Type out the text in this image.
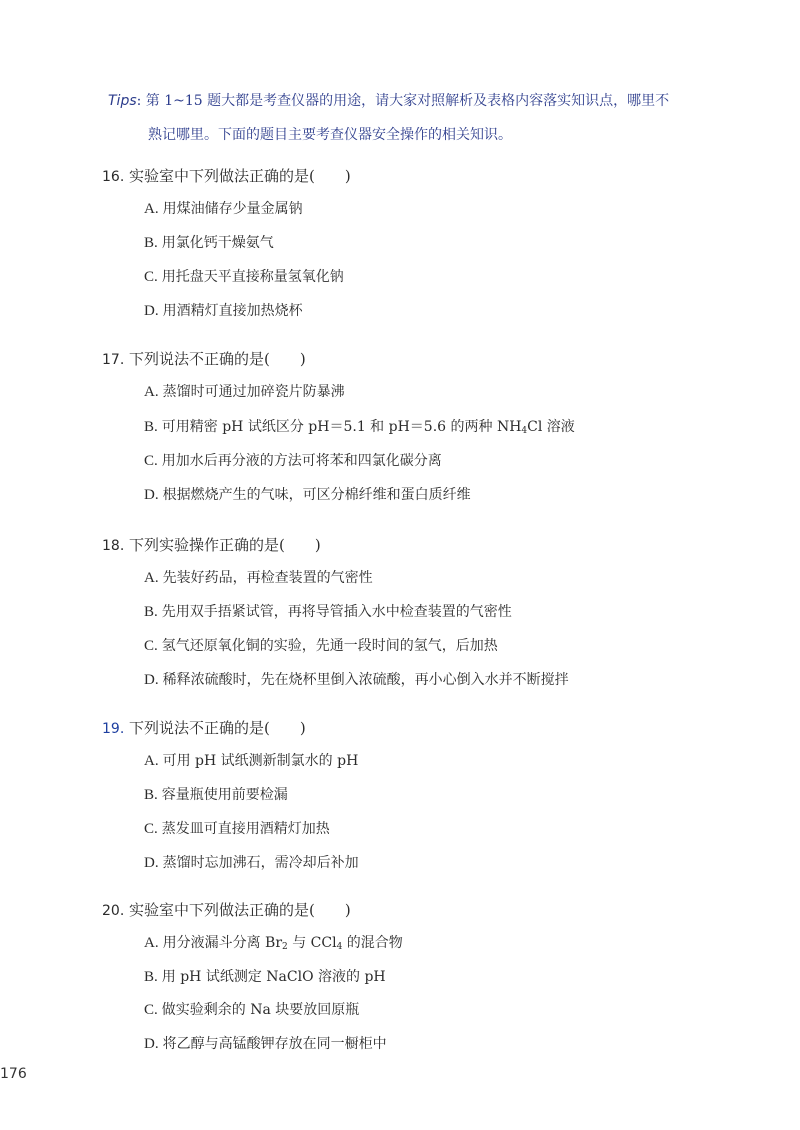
Tips: 第 1~15 题大都是考查仪器的用途，请大家对照解析及表格内容落实知识点，哪里不
熟记哪里。下面的题目主要考查仪器安全操作的相关知识。
16. 实验室中下列做法正确的是(　　)
A. 用煤油储存少量金属钠
B. 用氯化钙干燥氨气
C. 用托盘天平直接称量氢氧化钠
D. 用酒精灯直接加热烧杯
17. 下列说法不正确的是(　　)
A. 蒸馏时可通过加碎瓷片防暴沸
B. 可用精密 pH 试纸区分 pH＝5.1 和 pH＝5.6 的两种 $NH_4Cl$ 溶液
C. 用加水后再分液的方法可将苯和四氯化碳分离
D. 根据燃烧产生的气味，可区分棉纤维和蛋白质纤维
18. 下列实验操作正确的是(　　)
A. 先装好药品，再检查装置的气密性
B. 先用双手捂紧试管，再将导管插入水中检查装置的气密性
C. 氢气还原氧化铜的实验，先通一段时间的氢气，后加热
D. 稀释浓硫酸时，先在烧杯里倒入浓硫酸，再小心倒入水并不断搅拌
19. 下列说法不正确的是(　　)
A. 可用 pH 试纸测新制氯水的 pH
B. 容量瓶使用前要检漏
C. 蒸发皿可直接用酒精灯加热
D. 蒸馏时忘加沸石，需冷却后补加
20. 实验室中下列做法正确的是(　　)
A. 用分液漏斗分离 $Br_2$ 与 CCl$_4$ 的混合物
B. 用 pH 试纸测定 NaClO 溶液的 pH
C. 做实验剩余的 Na 块要放回原瓶
D. 将乙醇与高锰酸钾存放在同一橱柜中
176
